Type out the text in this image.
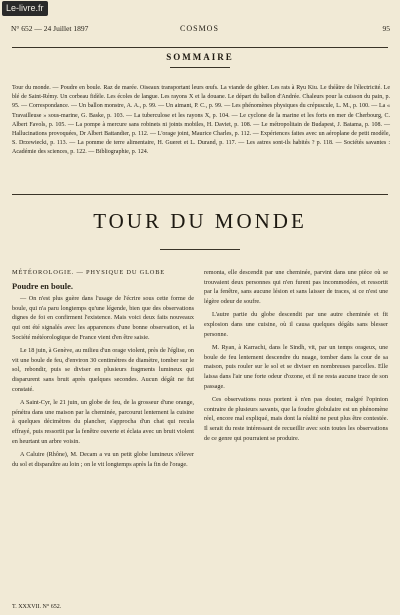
Le-livre.fr
N° 652 — 24 Juillet 1897	COSMOS	95
SOMMAIRE

Tour du monde. — Poudre en boule. Raz de marée. Oiseaux transportant leurs œufs. La viande de gibier. Les rats à Ryu Kiu. Le théâtre de l'électricité. Le blé de Saint-Rémy. Un corbeau fidèle. Les écoles de langue. Les rayons X et la douane. Le départ du ballon d'Andrée. Chaleurs pour la cuisson du pain, p. 95. — Correspondance. — Un ballon monstre, A. A., p. 99. — Un aimant, P. C., p. 99. — Les phénomènes physiques du crépuscule, L. M., p. 100. — La « Travailleuse » sous-marine, G. Baske, p. 103. — La tuberculose et les rayons X, p. 104. — Le cyclone de la marine et les forts en mer de Cherbourg, C. Albert Favols, p. 105. — La pompe à mercure sans robinets ni joints mobiles, H. Daviet, p. 108. — Le métropolitain de Budapest, J. Batama, p. 108. — Hallucinations provoquées, Dr Albert Battandier, p. 112. — L'orage joint, Maurice Charles, p. 112. — Expériences faites avec un aéroplane de petit modèle, S. Drzewiecki, p. 113. — La pomme de terre alimentaire, H. Gueret et L. Durand, p. 117. — Les astres sont-ils habités ? p. 118. — Sociétés savantes : Académie des sciences, p. 122. — Bibliographie, p. 124.

TOUR DU MONDE

MÉTÉOROLOGIE. — PHYSIQUE DU GLOBE

Poudre en boule.

— On n'est plus guère dans l'usage de l'écrire sous cette forme de boule, qui n'a paru longtemps qu'une légende, bien que des observations dignes de foi en confirment l'existence. Mais voici deux faits nouveaux qui ont été signalés avec les apparences d'une bonne observation, et la Société météorologique de France vient d'en être saisie.

Le 18 juin, à Genève, au milieu d'un orage violent, près de l'église, on vit une boule de feu, d'environ 30 centimètres de diamètre, tomber sur le sol, rebondir, puis se diviser en plusieurs fragments lumineux qui disparurent sans bruit après quelques secondes. Aucun dégât ne fut constaté.

A Saint-Cyr, le 21 juin, un globe de feu, de la grosseur d'une orange, pénétra dans une maison par la cheminée, parcourut lentement la cuisine à quelques décimètres du plancher, s'approcha d'un chat qui recula effrayé, puis ressortit par la fenêtre ouverte et éclata avec un bruit violent en heurtant un arbre voisin.

A Caluire (Rhône), M. Decam a vu un petit globe lumineux s'élever du sol et disparaître au loin ; on le vit longtemps après la fin de l'orage.

remonta, elle descendit par une cheminée, parvint dans une pièce où se trouvaient deux personnes qui n'en furent pas incommodées, et ressortit par la fenêtre, sans aucune lésion et sans laisser de traces, si ce n'est une légère odeur de soufre.

L'autre partie du globe descendit par une autre cheminée et fit explosion dans une cuisine, où il causa quelques dégâts sans blesser personne.

M. Ryan, à Karrachi, dans le Sindh, vit, par un temps orageux, une boule de feu lentement descendre du nuage, tomber dans la cour de sa maison, puis rouler sur le sol et se diviser en nombreuses parcelles. Elle laissa dans l'air une forte odeur d'ozone, et il ne resta aucune trace de son passage.

Ces observations nous portent à n'en pas douter, malgré l'opinion contraire de plusieurs savants, que la foudre globulaire est un phénomène réel, encore mal expliqué, mais dont la réalité ne peut plus être contestée. Il serait du reste intéressant de recueillir avec soin toutes les observations de ce genre qui pourraient se produire.

T. XXXVII. N° 652.
